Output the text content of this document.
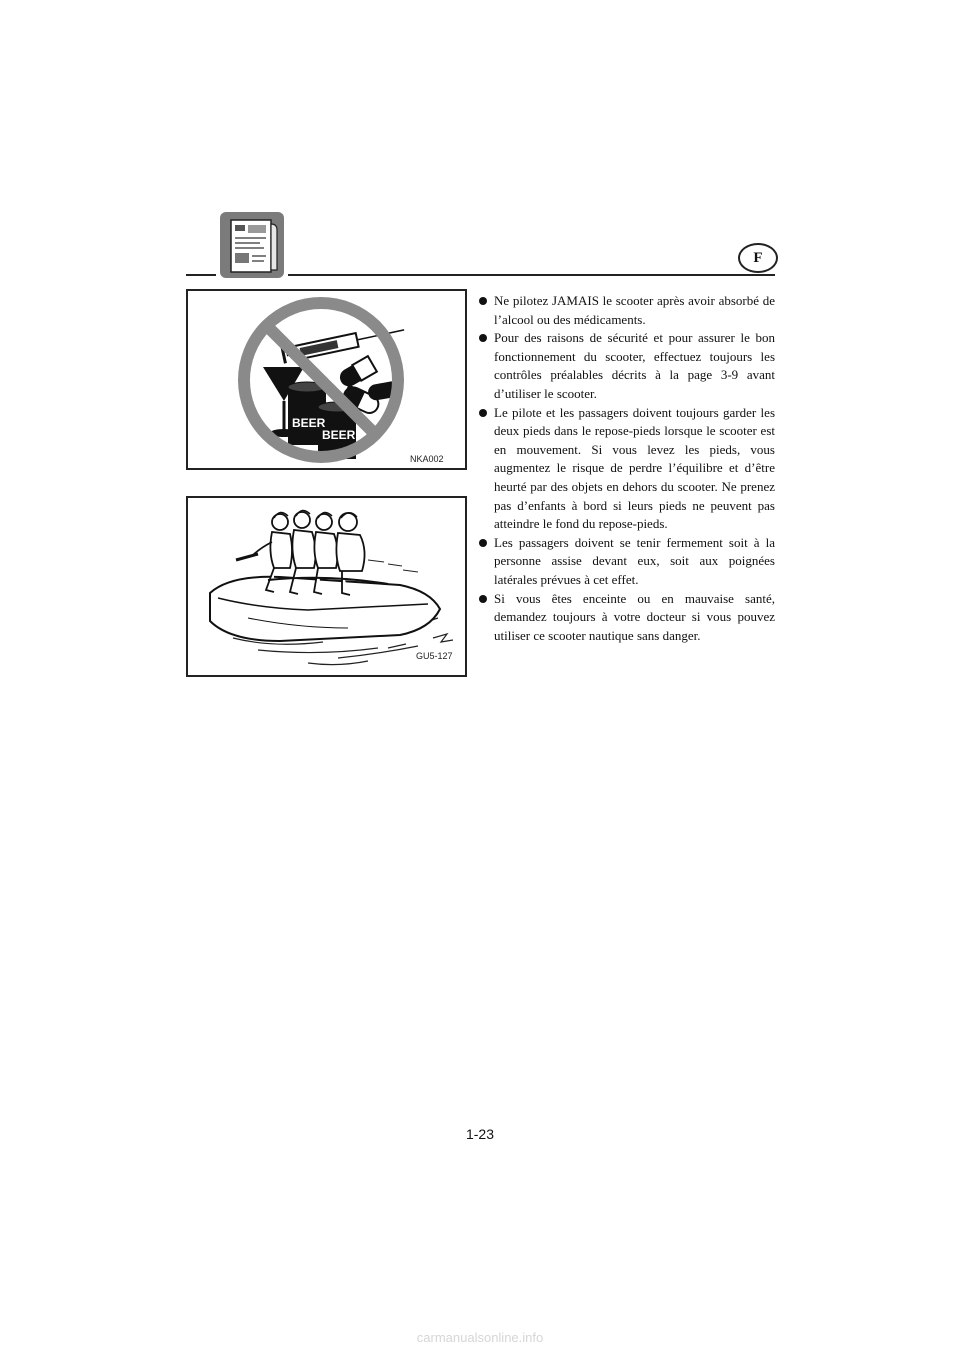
F
BEER
BEER
NKA002
GU5-127
Ne pilotez JAMAIS le scooter après avoir absorbé de l’alcool ou des médicaments.
Pour des raisons de sécurité et pour assurer le bon fonctionnement du scooter, effectuez toujours les contrôles préalables décrits à la page 3-9 avant d’utiliser le scooter.
Le pilote et les passagers doivent toujours garder les deux pieds dans le repose-pieds lorsque le scooter est en mouvement. Si vous levez les pieds, vous augmentez le risque de perdre l’équilibre et d’être heurté par des objets en dehors du scooter. Ne prenez pas d’enfants à bord si leurs pieds ne peuvent pas atteindre le fond du repose-pieds.
Les passagers doivent se tenir fermement soit à la personne assise devant eux, soit aux poignées latérales prévues à cet effet.
Si vous êtes enceinte ou en mauvaise santé, demandez toujours à votre docteur si vous pouvez utiliser ce scooter nautique sans danger.
1-23
carmanualsonline.info
